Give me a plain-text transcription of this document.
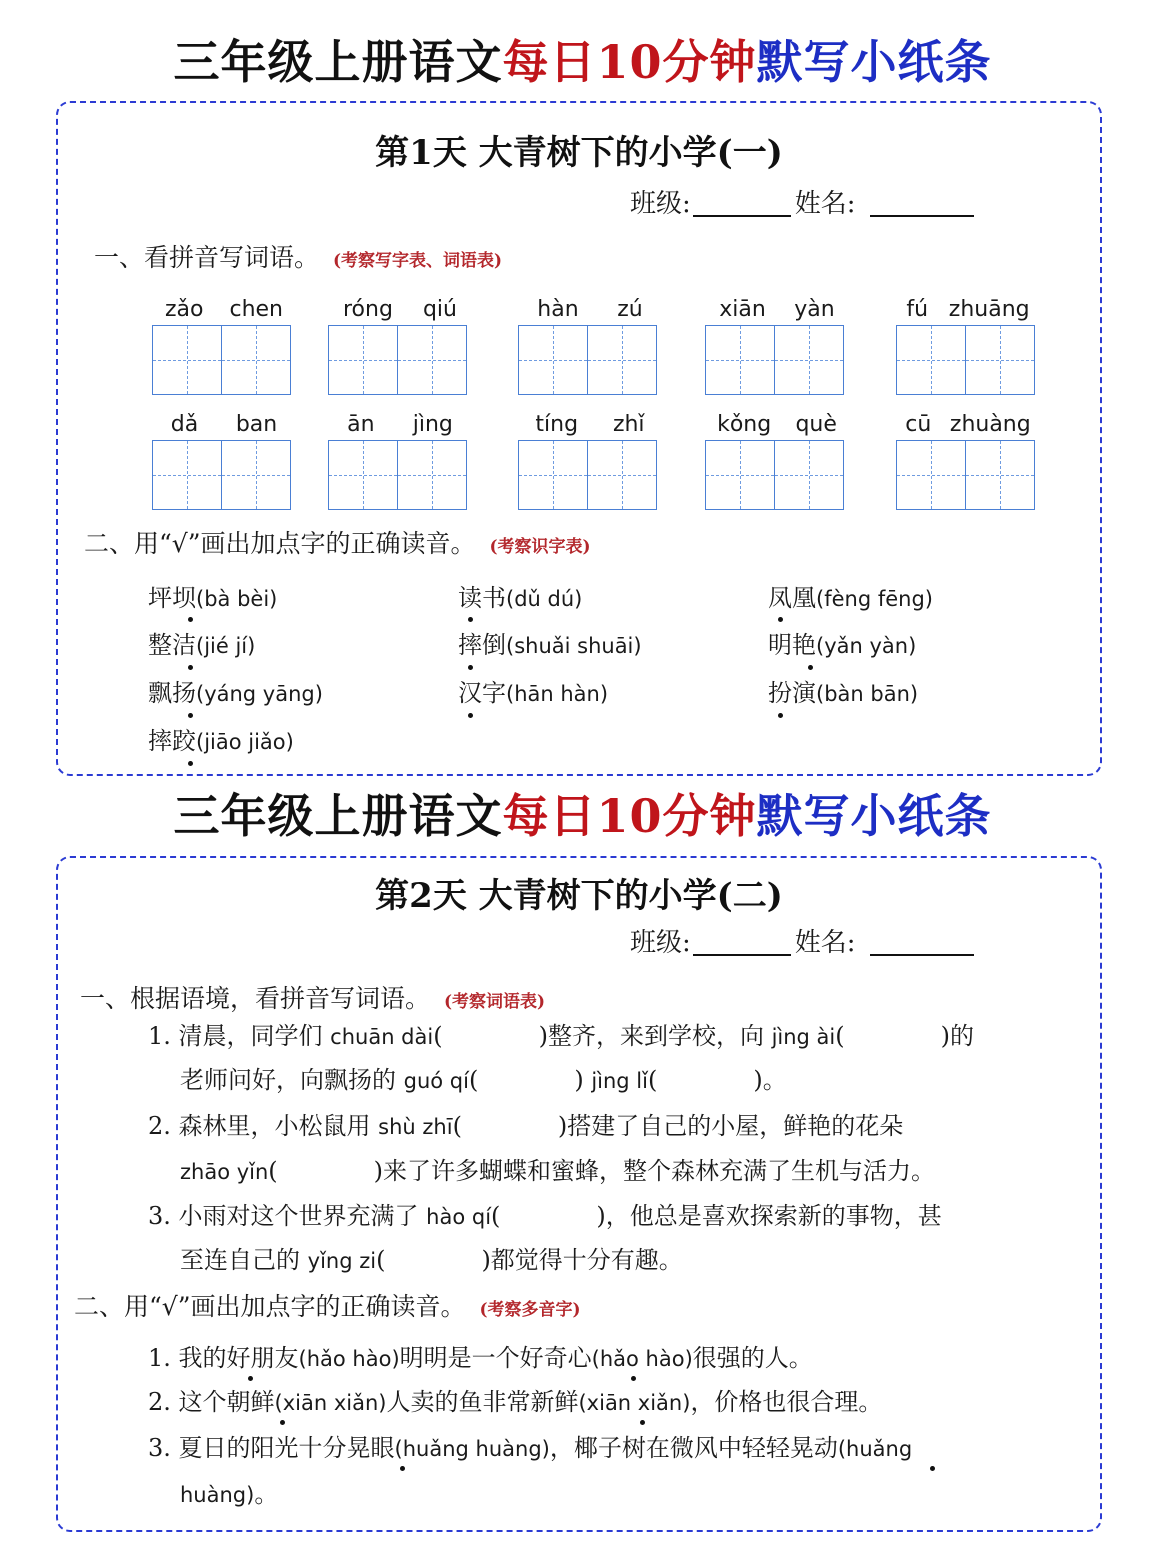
三年级上册语文每日10分钟默写小纸条
第1天 大青树下的小学(一)
班级:	姓名:
一、看拼音写词语。 (考察写字表、词语表)
zǎo chen	róng qiú	hàn zú	xiān yàn	fú zhuāng
dǎ ban	ān jìng	tíng zhǐ	kǒng què	cū zhuàng
二、用“√”画出加点字的正确读音。 (考察识字表)
坪坝(bà bèi)	读书(dǔ dú)	凤凰(fèng fēng)
整洁(jié jí)	摔倒(shuǎi shuāi)	明艳(yǎn yàn)
飘扬(yáng yāng)	汉字(hān hàn)	扮演(bàn bān)
摔跤(jiāo jiǎo)
三年级上册语文每日10分钟默写小纸条
第2天 大青树下的小学(二)
班级:	姓名:
一、根据语境，看拼音写词语。 (考察词语表)
1. 清晨，同学们 chuān dài(　　　　)整齐，来到学校，向 jìng ài(　　　　)的
老师问好，向飘扬的 guó qí(　　　　) jìng lǐ(　　　　)。
2. 森林里，小松鼠用 shù zhī(　　　　)搭建了自己的小屋，鲜艳的花朵
zhāo yǐn(　　　　)来了许多蝴蝶和蜜蜂，整个森林充满了生机与活力。
3. 小雨对这个世界充满了 hào qí(　　　　)，他总是喜欢探索新的事物，甚
至连自己的 yǐng zi(　　　　)都觉得十分有趣。
二、用“√”画出加点字的正确读音。 (考察多音字)
1. 我的好朋友(hǎo hào)明明是一个好奇心(hǎo hào)很强的人。
2. 这个朝鲜(xiān xiǎn)人卖的鱼非常新鲜(xiān xiǎn)，价格也很合理。
3. 夏日的阳光十分晃眼(huǎng huàng)，椰子树在微风中轻轻晃动(huǎng
huàng)。
